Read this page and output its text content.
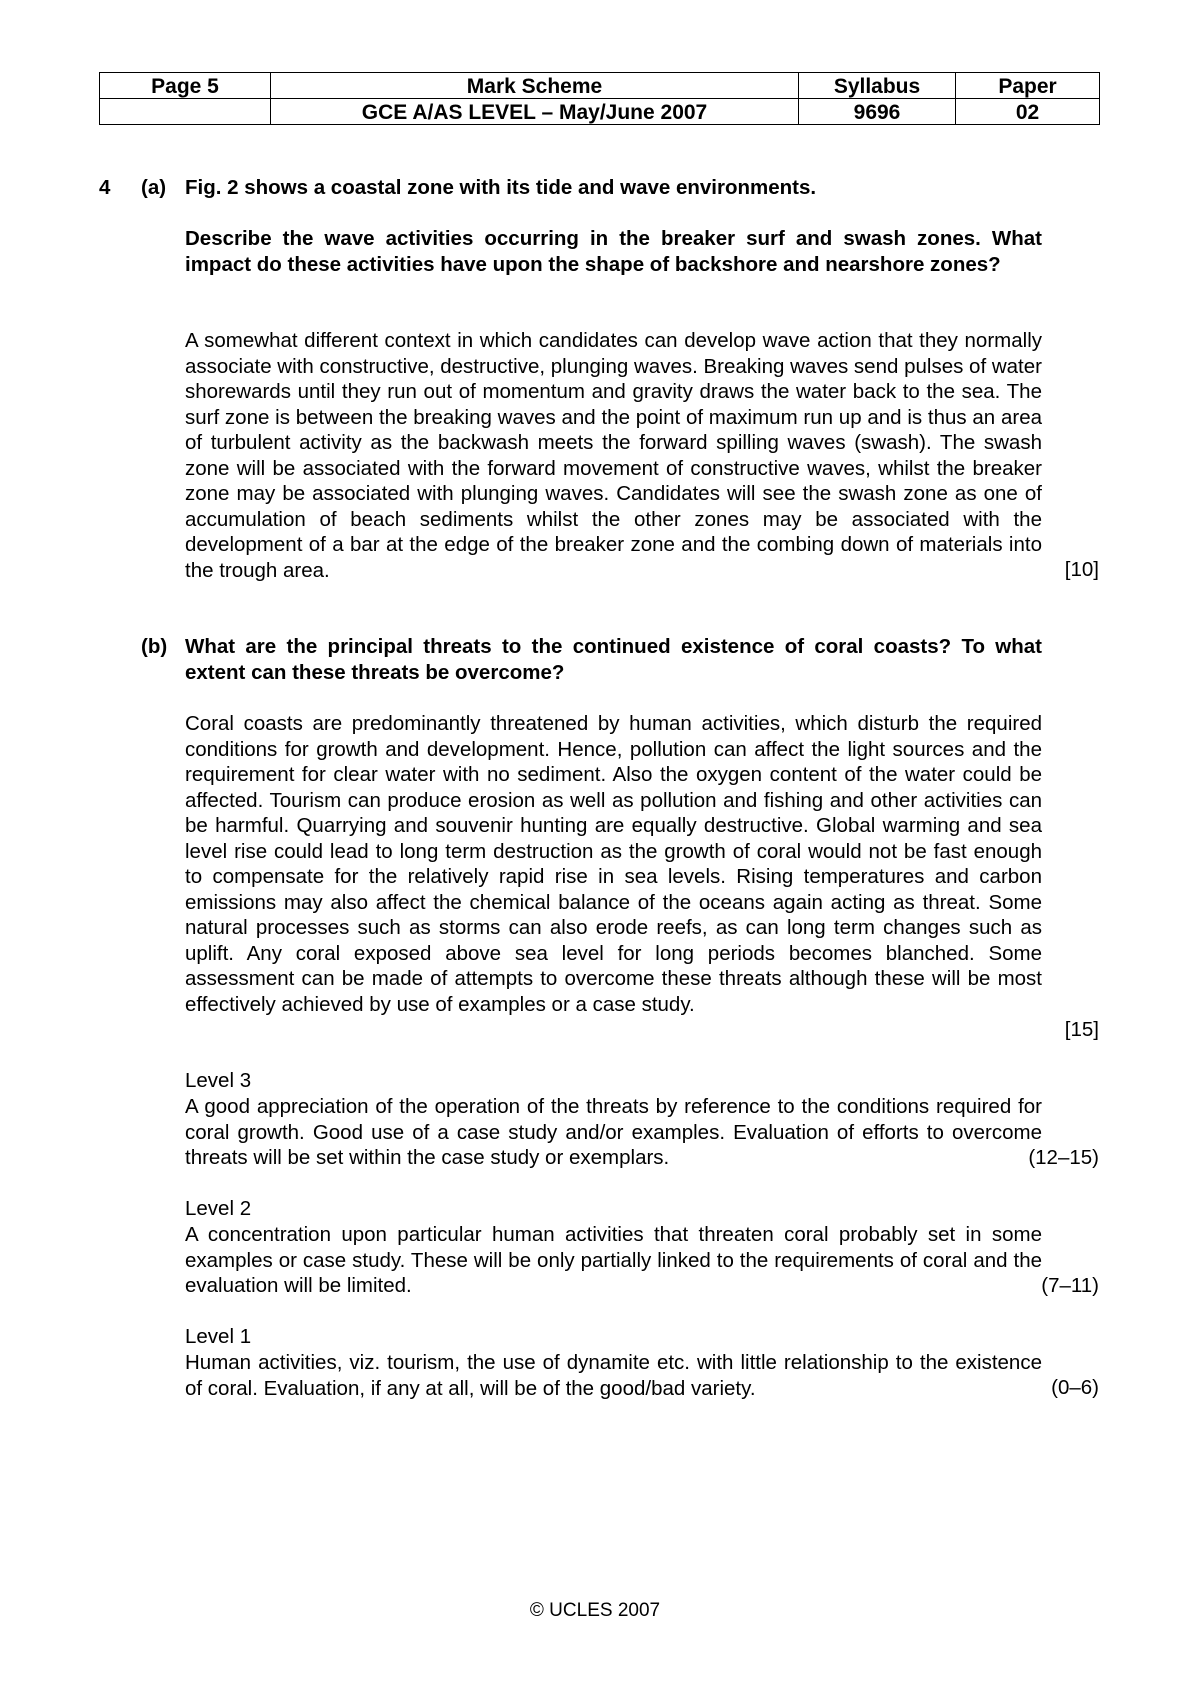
Page 5	Mark Scheme	Syllabus	Paper
	GCE A/AS LEVEL – May/June 2007	9696	02
4 (a) Fig. 2 shows a coastal zone with its tide and wave environments.
Describe the wave activities occurring in the breaker surf and swash zones. What impact do these activities have upon the shape of backshore and nearshore zones?
A somewhat different context in which candidates can develop wave action that they normally associate with constructive, destructive, plunging waves. Breaking waves send pulses of water shorewards until they run out of momentum and gravity draws the water back to the sea. The surf zone is between the breaking waves and the point of maximum run up and is thus an area of turbulent activity as the backwash meets the forward spilling waves (swash). The swash zone will be associated with the forward movement of constructive waves, whilst the breaker zone may be associated with plunging waves. Candidates will see the swash zone as one of accumulation of beach sediments whilst the other zones may be associated with the development of a bar at the edge of the breaker zone and the combing down of materials into the trough area.	[10]
(b) What are the principal threats to the continued existence of coral coasts? To what extent can these threats be overcome?
Coral coasts are predominantly threatened by human activities, which disturb the required conditions for growth and development. Hence, pollution can affect the light sources and the requirement for clear water with no sediment. Also the oxygen content of the water could be affected. Tourism can produce erosion as well as pollution and fishing and other activities can be harmful. Quarrying and souvenir hunting are equally destructive. Global warming and sea level rise could lead to long term destruction as the growth of coral would not be fast enough to compensate for the relatively rapid rise in sea levels. Rising temperatures and carbon emissions may also affect the chemical balance of the oceans again acting as threat. Some natural processes such as storms can also erode reefs, as can long term changes such as uplift. Any coral exposed above sea level for long periods becomes blanched. Some assessment can be made of attempts to overcome these threats although these will be most effectively achieved by use of examples or a case study.
[15]
Level 3
A good appreciation of the operation of the threats by reference to the conditions required for coral growth. Good use of a case study and/or examples. Evaluation of efforts to overcome threats will be set within the case study or exemplars.	(12–15)
Level 2
A concentration upon particular human activities that threaten coral probably set in some examples or case study. These will be only partially linked to the requirements of coral and the evaluation will be limited.	(7–11)
Level 1
Human activities, viz. tourism, the use of dynamite etc. with little relationship to the existence of coral. Evaluation, if any at all, will be of the good/bad variety.	(0–6)
© UCLES 2007
